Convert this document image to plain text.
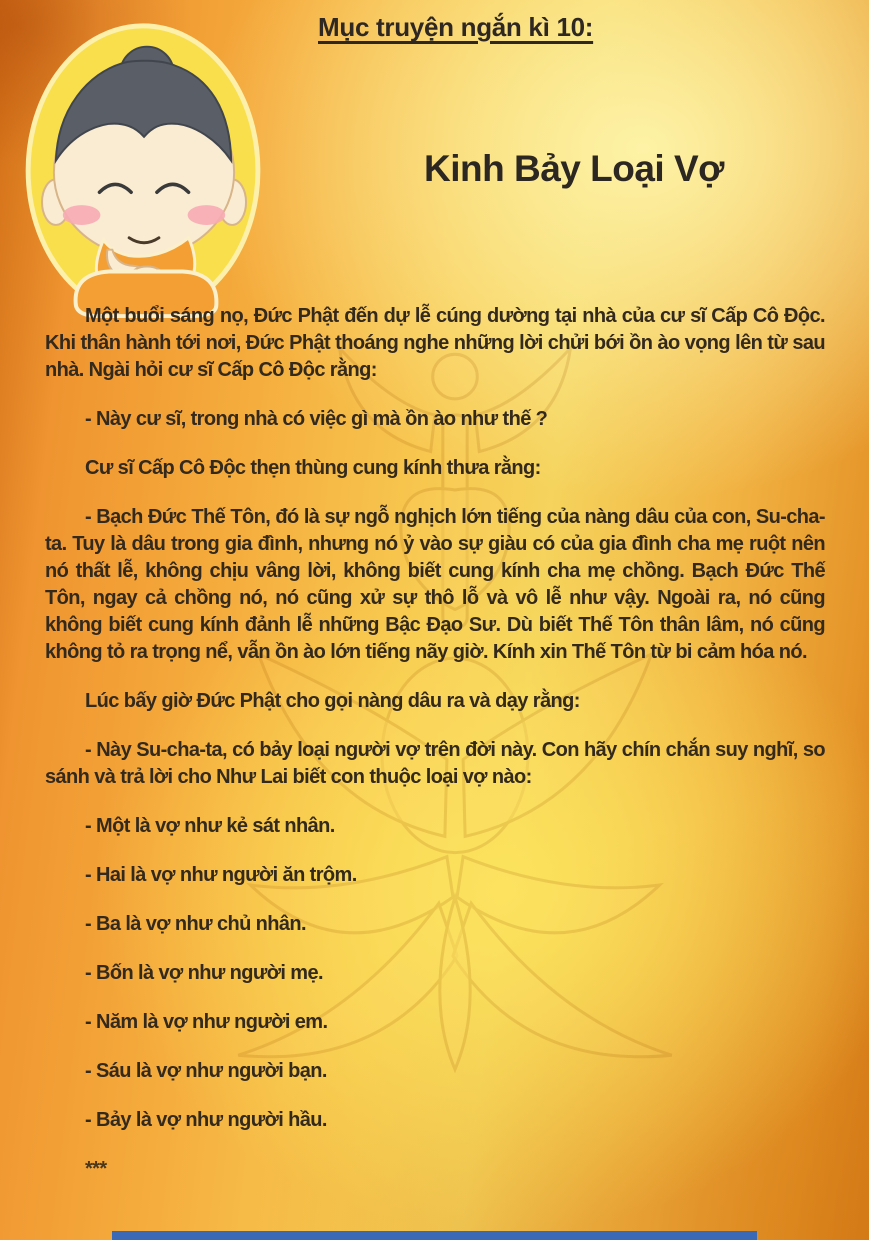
Mục truyện ngắn kì 10:
Kinh Bảy Loại Vợ

Một buổi sáng nọ, Đức Phật đến dự lễ cúng dường tại nhà của cư sĩ Cấp Cô Độc. Khi thân hành tới nơi, Đức Phật thoáng nghe những lời chửi bới ồn ào vọng lên từ sau nhà. Ngài hỏi cư sĩ Cấp Cô Độc rằng:

- Này cư sĩ, trong nhà có việc gì mà ồn ào như thế ?

Cư sĩ Cấp Cô Độc thẹn thùng cung kính thưa rằng:

- Bạch Đức Thế Tôn, đó là sự ngỗ nghịch lớn tiếng của nàng dâu của con, Su-cha-ta. Tuy là dâu trong gia đình, nhưng nó ỷ vào sự giàu có của gia đình cha mẹ ruột nên nó thất lễ, không chịu vâng lời, không biết cung kính cha mẹ chồng. Bạch Đức Thế Tôn, ngay cả chồng nó, nó cũng xử sự thô lỗ và vô lễ như vậy. Ngoài ra, nó cũng không biết cung kính đảnh lễ những Bậc Đạo Sư. Dù biết Thế Tôn thân lâm, nó cũng không tỏ ra trọng nể, vẫn ồn ào lớn tiếng nãy giờ. Kính xin Thế Tôn từ bi cảm hóa nó.

Lúc bấy giờ Đức Phật cho gọi nàng dâu ra và dạy rằng:

- Này Su-cha-ta, có bảy loại người vợ trên đời này. Con hãy chín chắn suy nghĩ, so sánh và trả lời cho Như Lai biết con thuộc loại vợ nào:

- Một là vợ như kẻ sát nhân.

- Hai là vợ như người ăn trộm.

- Ba là vợ như chủ nhân.

- Bốn là vợ như người mẹ.

- Năm là vợ như người em.

- Sáu là vợ như người bạn.

- Bảy là vợ như người hầu.

***
